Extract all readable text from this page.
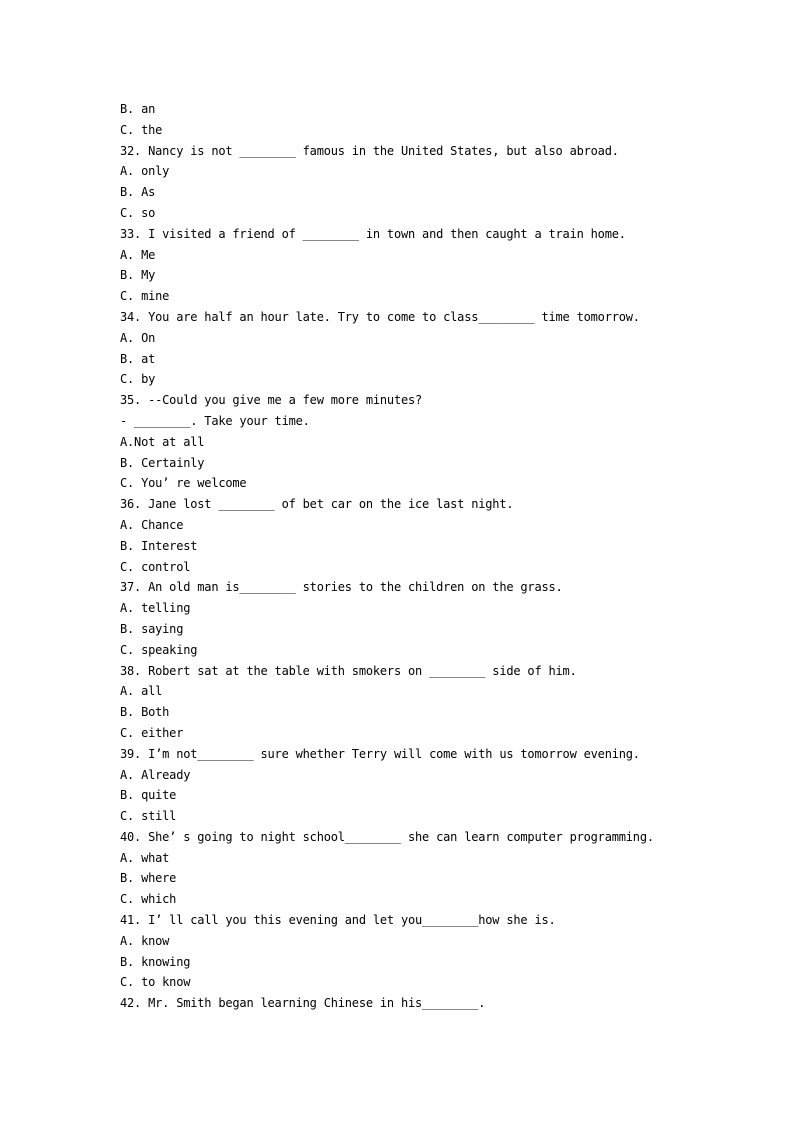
B. an
C. the
32. Nancy is not ________ famous in the United States, but also abroad.
A. only
B. As
C. so
33. I visited a friend of ________ in town and then caught a train home.
A. Me
B. My
C. mine
34. You are half an hour late. Try to come to class________ time tomorrow.
A. On
B. at
C. by
35. --Could you give me a few more minutes?
- ________. Take your time.
A.Not at all
B. Certainly
C. You’ re welcome
36. Jane lost ________ of bet car on the ice last night.
A. Chance
B. Interest
C. control
37. An old man is________ stories to the children on the grass.
A. telling
B. saying
C. speaking
38. Robert sat at the table with smokers on ________ side of him.
A. all
B. Both
C. either
39. I’m not________ sure whether Terry will come with us tomorrow evening.
A. Already
B. quite
C. still
40. She’ s going to night school________ she can learn computer programming.
A. what
B. where
C. which
41. I’ ll call you this evening and let you________how she is.
A. know
B. knowing
C. to know
42. Mr. Smith began learning Chinese in his________.
